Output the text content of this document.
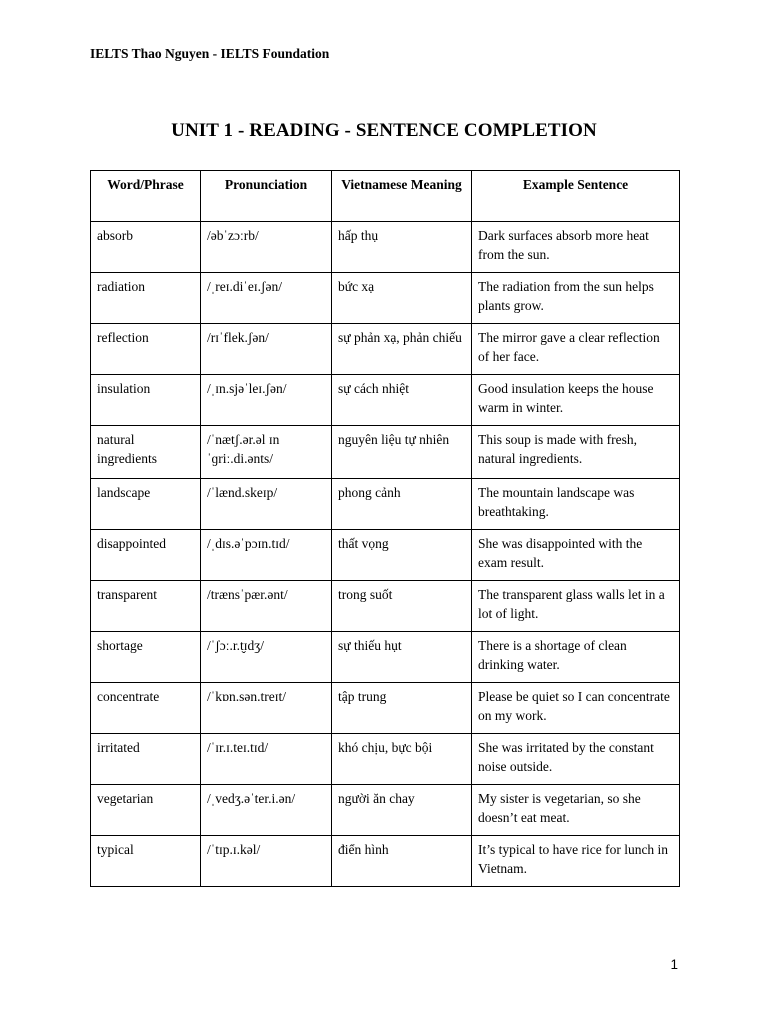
IELTS Thao Nguyen - IELTS Foundation
UNIT 1 - READING - SENTENCE COMPLETION
Word/Phrase	Pronunciation	Vietnamese Meaning	Example Sentence
absorb	/əbˈzɔːrb/	hấp thụ	Dark surfaces absorb more heat from the sun.
radiation	/ˌreɪ.diˈeɪ.ʃən/	bức xạ	The radiation from the sun helps plants grow.
reflection	/rɪˈflek.ʃən/	sự phản xạ, phản chiếu	The mirror gave a clear reflection of her face.
insulation	/ˌɪn.sjəˈleɪ.ʃən/	sự cách nhiệt	Good insulation keeps the house warm in winter.
natural ingredients	/ˈnætʃ.ər.əl ɪn ˈɡriː.di.ənts/	nguyên liệu tự nhiên	This soup is made with fresh, natural ingredients.
landscape	/ˈlænd.skeɪp/	phong cảnh	The mountain landscape was breathtaking.
disappointed	/ˌdɪs.əˈpɔɪn.tɪd/	thất vọng	She was disappointed with the exam result.
transparent	/trænsˈpær.ənt/	trong suốt	The transparent glass walls let in a lot of light.
shortage	/ˈʃɔː.r.t̬ɪdʒ/	sự thiếu hụt	There is a shortage of clean drinking water.
concentrate	/ˈkɒn.sən.treɪt/	tập trung	Please be quiet so I can concentrate on my work.
irritated	/ˈɪr.ɪ.teɪ.tɪd/	khó chịu, bực bội	She was irritated by the constant noise outside.
vegetarian	/ˌvedʒ.əˈter.i.ən/	người ăn chay	My sister is vegetarian, so she doesn’t eat meat.
typical	/ˈtɪp.ɪ.kəl/	điển hình	It’s typical to have rice for lunch in Vietnam.
1
